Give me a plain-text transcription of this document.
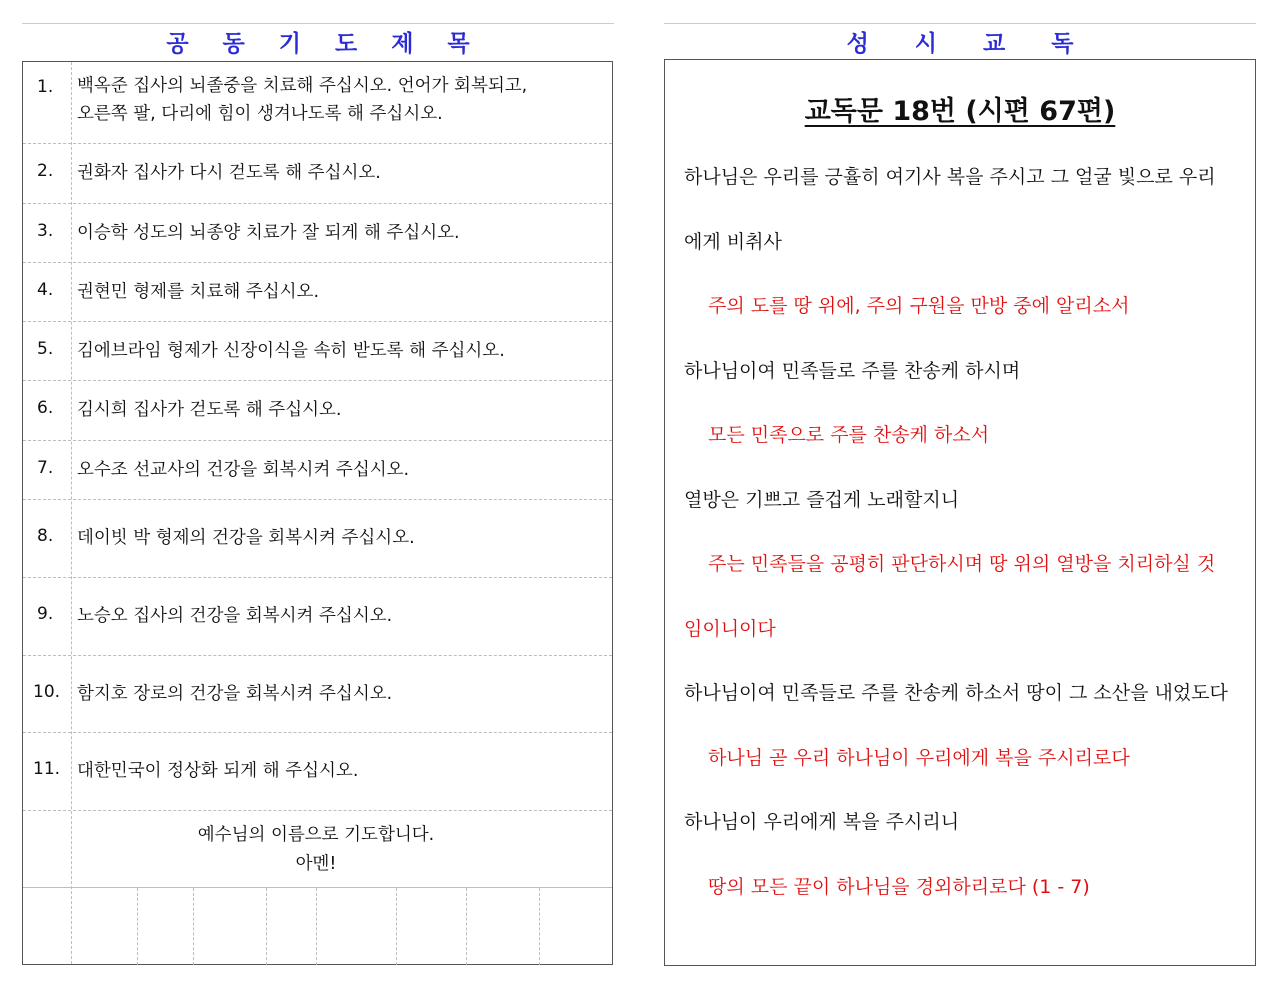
공동기도제목
1.	백옥준 집사의 뇌졸중을 치료해 주십시오. 언어가 회복되고,
오른쪽 팔, 다리에 힘이 생겨나도록 해 주십시오.
2.	권화자 집사가 다시 걷도록 해 주십시오.
3.	이승학 성도의 뇌종양 치료가 잘 되게 해 주십시오.
4.	권현민 형제를 치료해 주십시오.
5.	김에브라임 형제가 신장이식을 속히 받도록 해 주십시오.
6.	김시희 집사가 걷도록 해 주십시오.
7.	오수조 선교사의 건강을 회복시켜 주십시오.
8.	데이빗 박 형제의 건강을 회복시켜 주십시오.
9.	노승오 집사의 건강을 회복시켜 주십시오.
10. 함지호 장로의 건강을 회복시켜 주십시오.
11. 대한민국이 정상화 되게 해 주십시오.
예수님의 이름으로 기도합니다.
아멘!
성시교독
교독문 18번 (시편 67편)
하나님은 우리를 긍휼히 여기사 복을 주시고 그 얼굴 빛으로 우리
에게 비취사
주의 도를 땅 위에, 주의 구원을 만방 중에 알리소서
하나님이여 민족들로 주를 찬송케 하시며
모든 민족으로 주를 찬송케 하소서
열방은 기쁘고 즐겁게 노래할지니
주는 민족들을 공평히 판단하시며 땅 위의 열방을 치리하실 것
임이니이다
하나님이여 민족들로 주를 찬송케 하소서 땅이 그 소산을 내었도다
하나님 곧 우리 하나님이 우리에게 복을 주시리로다
하나님이 우리에게 복을 주시리니
땅의 모든 끝이 하나님을 경외하리로다 (1 - 7)
